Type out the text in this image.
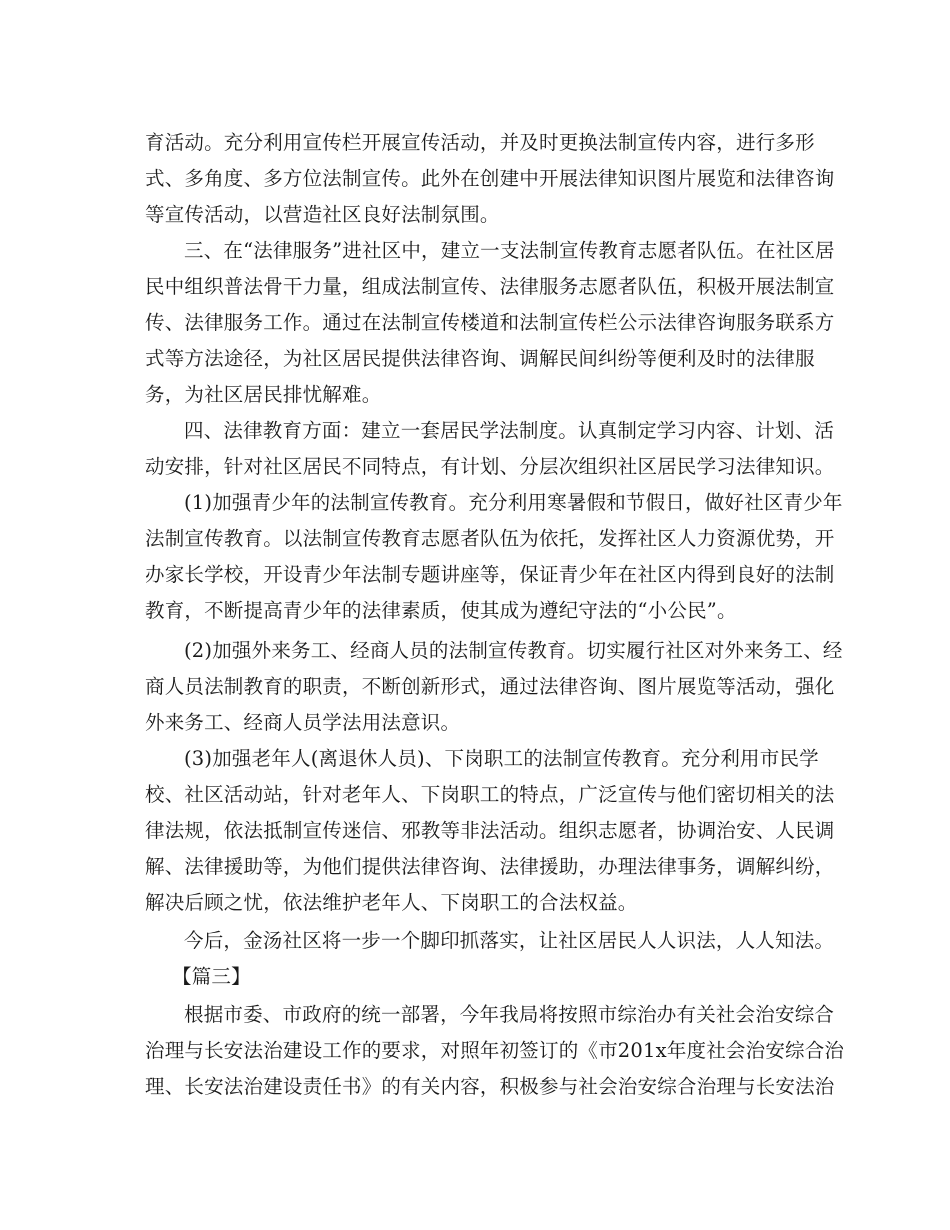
育活动。充分利用宣传栏开展宣传活动，并及时更换法制宣传内容，进行多形
式、多角度、多方位法制宣传。此外在创建中开展法律知识图片展览和法律咨询
等宣传活动，以营造社区良好法制氛围。
三、在“法律服务”进社区中，建立一支法制宣传教育志愿者队伍。在社区居
民中组织普法骨干力量，组成法制宣传、法律服务志愿者队伍，积极开展法制宣
传、法律服务工作。通过在法制宣传楼道和法制宣传栏公示法律咨询服务联系方
式等方法途径，为社区居民提供法律咨询、调解民间纠纷等便利及时的法律服
务，为社区居民排忧解难。
四、法律教育方面：建立一套居民学法制度。认真制定学习内容、计划、活
动安排，针对社区居民不同特点，有计划、分层次组织社区居民学习法律知识。
(1)加强青少年的法制宣传教育。充分利用寒暑假和节假日，做好社区青少年
法制宣传教育。以法制宣传教育志愿者队伍为依托，发挥社区人力资源优势，开
办家长学校，开设青少年法制专题讲座等，保证青少年在社区内得到良好的法制
教育，不断提高青少年的法律素质，使其成为遵纪守法的“小公民”。
(2)加强外来务工、经商人员的法制宣传教育。切实履行社区对外来务工、经
商人员法制教育的职责，不断创新形式，通过法律咨询、图片展览等活动，强化
外来务工、经商人员学法用法意识。
(3)加强老年人(离退休人员)、下岗职工的法制宣传教育。充分利用市民学
校、社区活动站，针对老年人、下岗职工的特点，广泛宣传与他们密切相关的法
律法规，依法抵制宣传迷信、邪教等非法活动。组织志愿者，协调治安、人民调
解、法律援助等，为他们提供法律咨询、法律援助，办理法律事务，调解纠纷，
解决后顾之忧，依法维护老年人、下岗职工的合法权益。
今后，金汤社区将一步一个脚印抓落实，让社区居民人人识法，人人知法。
【篇三】
根据市委、市政府的统一部署，今年我局将按照市综治办有关社会治安综合
治理与长安法治建设工作的要求，对照年初签订的《市201x年度社会治安综合治
理、长安法治建设责任书》的有关内容，积极参与社会治安综合治理与长安法治
